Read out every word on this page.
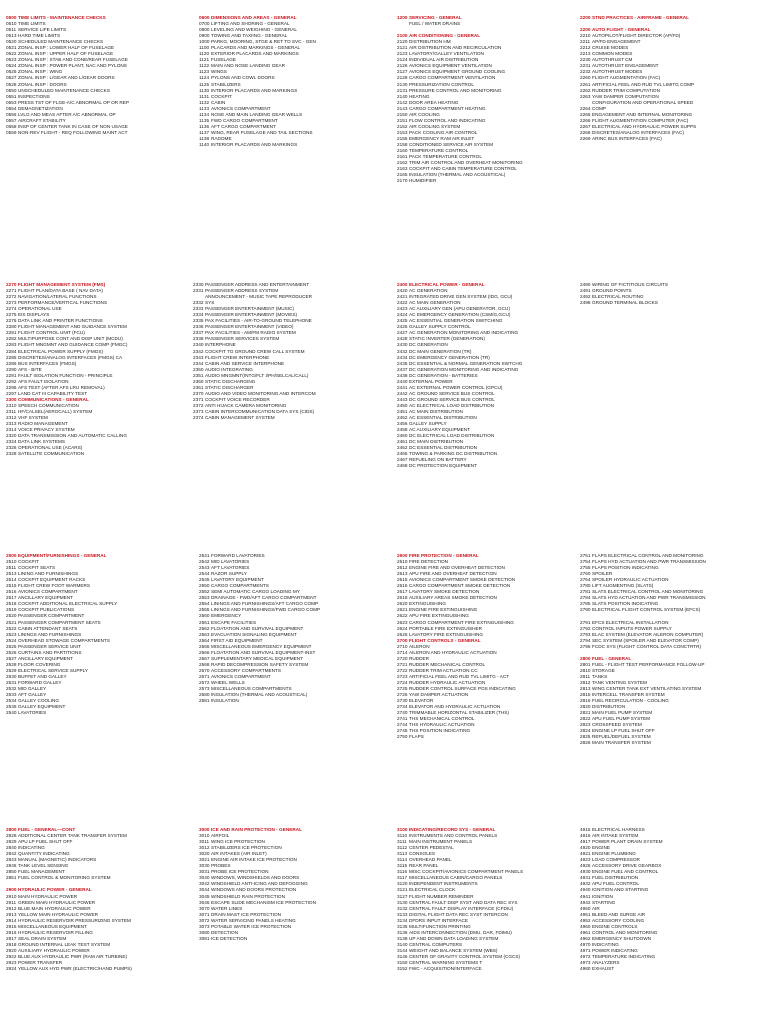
0500 TIME LIMITS - MAINTENANCE CHECKS
0510 TIME LIMITS
0511 SERVICE LIFE LIMITS
0513 HARD TIME LIMITS
0520 SCHEDULED MAINTENANCE CHECKS
0521 ZONAL INSP : LOWER HALF OF FUSELAGE
0522 ZONAL INSP : UPPER HALF OF FUSELAGE
0523 ZONAL INSP : STAB AND CONE/REAR FUSELAGE
0524 ZONAL INSP : POWER PLANT, NAC AND PYLONS
0525 ZONAL INSP : WING
0527 ZONAL INSP : L/GEAR AND L/GEAR DOORS
0528 ZONAL INSP : DOORS
0550 UNSCHEDULED MAINTENANCE CHECKS
0551 INSPECTIONS
0553 PRESS TST OF FLGE-A/C ABNORMAL OP OR REP
0554 DEMAGNETIZATION
0556 LVLG AND MEAS AFTER A/C ABNORMAL OP
0557 AIRCRAFT STABILITY
0558 INSP OF CENTER TANK IN CASE OF NON USAGE
0559 NON-REV FLIGHT - REQ FOLLOWING MAINT ACT
0600 DIMENSIONS AND AREAS - GENERAL
0700 LIFTING AND SHORING - GENERAL
0800 LEVELING AND WEIGHING - GENERAL
0900 TOWING AND TAXIING - GENERAL
1000 PARKG, MOORING, STGE & RET TO SVC - GEN
1100 PLACARDS AND MARKINGS - GENERAL
1120 EXTERIOR PLACARDS AND MARKINGS
1121 FUSELAGE
1122 MAIN AND NOSE LANDING GEAR
1123 WINGS
1124 PYLONS AND COWL DOORS
1125 STABILIZERS
1130 INTERIOR PLACARDS AND MARKINGS
1131 COCKPIT
1132 CABIN
1133 AVIONICS COMPARTMENT
1134 NOSE AND MAIN LANDING GEAR WELLS
1135 FWD CARGO COMPARTMENT
1136 AFT CARGO COMPARTMENT
1137 WING, REAR FUSELAGE AND TAIL SECTIONS
1138 RADOME
1140 INTERIOR PLACARDS AND MARKINGS
1200 SERVICING - GENERAL
FUEL / WATER DRAINS

2100 AIR CONDITIONING - GENERAL
2120 DISTRIBUTION HM
2121 AIR DISTRIBUTION AND RECIRCULATION
2123 LAVATORY/GALLEY VENTILATION
2124 INDIVIDUAL AIR DISTRIBUTION
2126 AVIONICS EQUIPMENT VENTILATION
2127 AVIONICS EQUIPMENT GROUND COOLING
2128 CARGO COMPARTMENT VENTILATION
2130 PRESSURIZATION CONTROL
2131 PRESSURE CONTROL AND MONITORING
2140 HEATING
2142 DOOR AREA HEATING
2143 CARGO COMPARTMENT HEATING
2150 AIR COOLING
2151 FLOW CONTROL AND INDICATING
2152 AIR COOLING SYSTEM
2153 PACK COOLING AIR CONTROL
2155 EMERGENCY RAM AIR INLET
2158 CONDITIONED SERVICE AIR SYSTEM
2160 TEMPERATURE CONTROL
2161 PACK TEMPERATURE CONTROL
2162 TRIM AIR CONTROL AND OVERHEAT MONITORING
2163 COCKPIT AND CABIN TEMPERATURE CONTROL
2165 INSULATION (THERMAL AND ACOUSTICAL)
2170 HUMIDIFIER
2200 STND PRACTICES - AIRFRAME - GENERAL

2200 AUTO FLIGHT - GENERAL
2210 AUTOPILOT/FLIGHT DIRECTOR (AP/FD)
2211 AP/FD ENGAGEMENT
2212 CRUISE MODES
2213 COMMON MODES
2230 AUTOTHRUST CM
2231 AUTOTHRUST ENGAGEMENT
2232 AUTOTHRUST MODES
2260 FLIGHT AUGMENTATION (FAC)
2261 ARTIFICIAL FEEL AND RUD TVL LIMITG COMP
2262 RUDDER TRIM COMPUTATION
2263 YAW DAMPER COMPUTATION
CONFIGURATION AND OPERATIONAL SPEED
2264 COMP
2265 ENGAGEMENT AND INTERNAL MONITORING
2266 FLIGHT AUGMENTATION COMPUTER (FAC)
2267 ELECTRICAL AND HYDRAULIC POWER SUPPS
2268 DISCRETES/ANALOG INTERFACES (FAC)
2269 ARINC BUS INTERFACES (FAC)
2270 FLIGHT MANAGEMENT SYSTEM (FMS)
2271 FLIGHT PLAN/DATA BASE ( NAV DATA)
2272 NAVIGATION/LATERAL FUNCTIONS
2273 PERFORMANCE/VERTICAL FUNCTIONS
2274 OPERATIONAL USE
2275 EIS DISPLAYS
2276 DATA LINK AND PRINTER FUNCTIONS
2280 FLIGHT MANAGEMENT AND GUIDANCE SYSTEM
2281 FLIGHT CONTROL UNIT (FCU)
2282 MULTIPURPOSE CONT AND DISP UNIT (MCDU)
2283 FLIGHT MNGMNT AND GUIDANCE COMP (FMGC)
2284 ELECTRICAL POWER SUPPLY (FMGS)
2285 DISCRETES/ANALOG INTERFACES (FMGS) CA
2286 BUS INTERFACES (FMGS)
2290 AFS - BITE
2291 FAULT ISOLATION FUNCTION - PRINCIPLE
2292 AFS FAULT ISOLATION
2295 AFS TEST (AFTER AFS LRU REMOVAL)
2297 LAND CAT III CAPABILITY TEST
2300 COMMUNICATIONS - GENERAL
2310 SPEECH COMMUNICATION
2311 HF/CALSEL(AEROCALL) SYSTEM
2312 VHF SYSTEM
2313 RADIO MANAGEMENT
2314 VOICE PRIVACY SYSTEM
2320 DATA TRANSMISSION AND AUTOMATIC CALLING
2324 DATA LINK SYSTEMS
2326 OPERATIONAL USE (ACARS)
2328 SATELLITE COMMUNICATION
2330 PASSENGER ADDRESS AND ENTERTAINMENT
2331 PASSENGER ADDRESS SYSTEM
ANNOUNCEMENT - MUSIC TAPE REPRODUCER
2332 SYS
2333 PASSENGER ENTERTAINMENT (MUSIC)
2334 PASSENGER ENTERTAINMENT (MOVIES)
2335 PAX FACILITIES - AIR-TO-GROUND TELEPHONE
2336 PASSENGER ENTERTAINMENT (VIDEO)
2337 PAX FACILITIES - AM/FM RADIO SYSTEM
2338 PASSENGER SERVICES SYSTEM
2340 INTERPHONE
2342 COCKPIT TO GROUND CREW CALL SYSTEM
2343 FLIGHT CREW INTERPHONE
2344 CABIN AND SERVICE INTERPHONE
2350 AUDIO INTEGRATING
2351 AUDIO MNGMNT(INTG/FLT I/PH/SELCAL/CALL)
2360 STATIC DISCHARGING
2361 STATIC DISCHARGER
2370 AUDIO AND VIDEO MONITORING AND INTERCOM
2371 COCKPIT VOICE RECORDER
2372 ANTI HIJACK CAMERA MONITORING
2373 CABIN INTERCOMMUNICATION DATA SYS (CIDS)
2374 CABIN MANAGEMENT SYSTEM
2400 ELECTRICAL POWER - GENERAL
2420 AC GENERATION
2421 INTEGRATED DRIVE GEN SYSTEM (IDG, GCU)
2422 AC MAIN GENERATION
2423 AC AUXILIARY GEN (APU GENERATOR, GCU)
2424 AC EMERGENCY GENERATION (CSM/G,GCU)
2425 AC ESSENTIAL GENERATION SWITCHING
2426 GALLEY SUPPLY CONTROL
2427 AC GENERATION MONITORING AND INDICATING
2428 STATIC INVERTER (GENERATION)
2430 DC GENERATION
2432 DC MAIN GENERATION (TR)
2434 DC EMERGENCY GENERATION (TR)
2435 DC ESSENTIAL & NORMAL GENERATION SWTCHG
2437 DC GENERATION MONITORING AND INDICATING
2438 DC GENERATION - BATTERIES
2440 EXTERNAL POWER
2441 AC EXTERNAL POWER CONTROL (GPCU)
2442 AC GROUND SERVICE BUS CONTROL
2443 DC GROUND SERVICE BUS CONTROL
2450 AC ELECTRICAL LOAD DISTRIBUTION
2451 AC MAIN DISTRIBUTION
2452 AC ESSENTIAL DISTRIBUTION
2456 GALLEY SUPPLY
2458 AC AUXILIARY EQUIPMENT
2460 DC ELECTRICAL LOAD DISTRIBUTION
2461 DC MAIN DISTRIBUTION
2462 DC ESSENTIAL DISTRIBUTION
2465 TOWING & PARKING DC DISTRIBUTION
2467 REFUELING ON BATTERY
2468 DC PROTECTION EQUIPMENT
2490 WIRING OF FICTITIOUS CIRCUITS
2491 GROUND POINTS
2492 ELECTRICAL ROUTING
2498 GROUND TERMINAL BLOCKS
2500 EQUIPMENT/FURNISHINGS - GENERAL
2510 COCKPIT
2511 COCKPIT SEATS
2513 LINING AND FURNISHINGS
2514 COCKPIT EQUIPMENT RACKS
2515 FLIGHT CREW FOOT WARMERS
2516 AVIONICS COMPARTMENT
2517 ANCILLARY EQUIPMENT
2518 COCKPIT ADDITIONAL ELECTRICAL SUPPLY
2519 COCKPIT PUBLICATIONS
2520 PASSENGER COMPARTMENT
2521 PASSENGER COMPARTMENT SEATS
2522 CABIN ATTENDANT SEATS
2523 LININGS AND FURNISHINGS
2524 OVERHEAD STOWAGE COMPARTMENTS
2525 PASSENGER SERVICE UNIT
2526 CURTAINS AND PARTITIONS
2527 ANCILLARY EQUIPMENT
2528 FLOOR COVERING
2529 ELECTRICAL SERVICE SUPPLY
2530 BUFFET AND GALLEY
2531 FORWARD GALLEY
2532 MID GALLEY
2533 AFT GALLEY
2534 GALLEY COOLING
2535 GALLEY EQUIPMENT
2540 LAVATORIES
2541 FORWARD LAVATORIES
2542 MID LAVATORIES
2543 AFT LAVATORIES
2544 RAZOR SUPPLY
2545 LAVATORY EQUIPMENT
2550 CARGO COMPARTMENTS
2552 SEMI AUTOMATIC CARGO LOADING MY
2553 DRAINAGE - FWD/AFT CARGO COMPARTMENT
2554 LININGS AND FURNISHINGS/AFT CARGO COMP
2555 LININGS AND FURNISHINGS/FWD CARGO COMP
2560 EMERGENCY
2561 ESCAPE FACILITIES
2562 FLOATATION AND SURVIVAL EQUIPMENT
2563 EVACUATION SIGNALING EQUIPMENT
2564 FIRST AID EQUIPMENT
2565 MISCELLANEOUS EMERGENCY EQUIPMENT
2566 FLOATATION AND SURVIVAL EQUIPMENT-INST
2567 SUPPLEMENTARY MEDICAL EQUIPMENT
2568 RAPID DECOMPRESSION SAFETY SYSTEM
2570 ACCESSORY COMPARTMENTS
2571 AVIONICS COMPARTMENT
2572 WHEEL WELLS
2573 MISCELLANEOUS COMPARTMENTS
2580 INSULATION (THERMAL AND ACOUSTICAL)
2581 INSULATION
2600 FIRE PROTECTION - GENERAL
2610 FIRE DETECTION
2612 ENGINE FIRE AND OVERHEAT DETECTION
2613 APU FIRE AND OVERHEAT DETECTION
2615 AVIONICS COMPARTMENT SMOKE DETECTION
2616 CARGO COMPARTMENT SMOKE DETECTION
2617 LAVATORY SMOKE DETECTION
2618 AUXILIARY AREAS SMOKE DETECTION
2620 EXTINGUISHING
2621 ENGINE FIRE EXTINGUISHING
2622 APU FIRE EXTINGUISHING
2623 CARGO COMPARTMENT FIRE EXTINGUISHING
2624 PORTABLE FIRE EXTINGUISHER
2625 LAVATORY FIRE EXTINGUISHING
2700 FLIGHT CONTROLS - GENERAL
2710 AILERON
2714 AILERON AND HYDRAULIC ACTUATION
2720 RUDDER
2721 RUDDER MECHANICAL CONTROL
2722 RUDDER TRIM ACTUATION CC
2723 ARTIFICIAL FEEL AND RUD TVL LIMITG - ACT
2724 RUDDER HYDRAULIC ACTUATION
2725 RUDDER CONTROL SURFACE POS INDICATING
2726 YAW DAMPER ACTUATION
2730 ELEVATOR
2734 ELEVATOR AND HYDRAULIC ACTUATION
2740 TRIMMABLE HORIZONTAL STABILIZER (THS)
2741 THS MECHANICAL CONTROL
2744 THS HYDRAULIC ACTUATION
2745 THS POSITION INDICATING
2750 FLAPS
2751 FLAPS ELECTRICAL CONTROL AND MONITORING
2754 FLAPS HYD ACTUATION AND PWR TRANSMISSION
2755 FLAPS POSITION INDICATING
2760 SPOILER
2764 SPOILER HYDRAULIC ACTUATION
2780 LIFT AUGMENTING (SLATS)
2781 SLATS ELECTRICAL CONTROL AND MONITORING
2784 SLATS HYD ACTUATION AND PWR TRANSMISSION
2785 SLATS POSITION INDICATING
2790 ELECTRICAL FLIGHT CONTROL SYSTEM (EFCS)

2791 EFCS ELECTRICAL INSTALLATION
2792 CONTROL INPUTS POWER SUPPLY
2793 ELAC SYSTEM (ELEVATOR AILERON COMPUTER)
2794 SEC SYSTEM (SPOILER AND ELEVATOR COMP)
2795 FCDC SYS (FLIGHT CONTROL DATA CONCTRTR)

2800 FUEL - GENERAL
2801 FUEL - FLIGHT TEST PERFORMANCE FOLLOW-UP
2810 STORAGE
2811 TANKS
2812 TANK VENTING SYSTEM
2813 WING CENTER TANK EXT VENTILATING SYSTEM
2815 INTERCELL TRANSFER SYSTEM
2816 FUEL RECIRCULATION - COOLING
2820 DISTRIBUTION
2821 MAIN FUEL PUMP SYSTEM
2822 APU FUEL PUMP SYSTEM
2823 CROSSFEED SYSTEM
2824 ENGINE LP FUEL SHUT OFF
2825 REFUEL/DEFUEL SYSTEM
2826 MAIN TRANSFER SYSTEM
2800 FUEL - GENERAL—CONT
2828 ADDITIONAL CENTER TANK TRANSFER SYSTEM
2829 APU LP FUEL SHUT OFF
2840 INDICATING
2842 QUANTITY INDICATING
2843 MANUAL (MAGNETIC) INDICATORS
2846 TANK LEVEL SENSING
2850 FUEL MANAGEMENT
2851 FUEL CONTROL & MONITORING SYSTEM

2900 HYDRAULIC POWER - GENERAL
2910 MAIN HYDRAULIC POWER
2911 GREEN MAIN HYDRAULIC POWER
2912 BLUE MAIN HYDRAULIC POWER
2913 YELLOW MAIN HYDRAULIC POWER
2914 HYDRAULIC RESERVOIR PRESSURIZING SYSTEM
2915 MISCELLANEOUS EQUIPMENT
2916 HYDRAULIC RESERVOIR FILLING
2917 SEAL DRAIN SYSTEM
2918 GROUND INTERNAL LEAK TEST SYSTEM
2920 AUXILIARY HYDRAULIC POWER
2922 BLUE AUX HYDRAULIC PWR (RAM AIR TURBINE)
2923 POWER TRANSFER
2924 YELLOW AUX HYD PWR (ELECTRIC/HAND PUMPS)
3000 ICE AND RAIN PROTECTION - GENERAL
3010 AIRFOIL
3011 WING ICE PROTECTION
3012 STABILIZERS ICE PROTECTION
3020 AIR INTAKES (AIR INLET)
3021 ENGINE AIR INTAKE ICE PROTECTION
3030 PROBES
3031 PROBE ICE PROTECTION
3040 WINDOWS, WINDSHIELDS AND DOORS
3042 WINDSHIELD ANTI-ICING AND DEFOGGING
3044 WINDOWS AND DOORS PROTECTION
3045 WINDSHIELD RAIN PROTECTION
3046 ESCAPE SLIDE MECHANISM ICE PROTECTION
3070 WATER LINES
3071 DRAIN MAST ICE PROTECTION
3072 WATER SERVICING PANELS HEATING
3073 POTABLE WATER ICE PROTECTION
3080 DETECTION
3081 ICE DETECTION
3100 INDICATING/RECORD SYS - GENERAL
3110 INSTRUMENTS AND CONTROL PANELS
3111 MAIN INSTRUMENT PANELS
3112 CENTER PEDESTAL
3113 CONSOLES
3114 OVERHEAD PANEL
3115 REAR PANEL
3116 MISC COCKPIT/AVIONICS COMPARTMENT PANELS
3117 MISCELLANEOUS CABIN/CARGO PANELS
3120 INDEPENDENT INSTRUMENTS
3121 ELECTRICAL CLOCK
3127 FLIGHT NUMBER REMINDER
3130 CENTRAL FAULT DISP SYST AND DATA REC SYS
3132 CENTRAL FAULT DISPLAY INTERFACE (CFDIU)
3133 DIGITAL FLIGHT DATA REC SYST INTERCON
3134 DFDRS INPUT INTERFACE
3135 MULTIFUNCTION PRINTING
3136 AIDS INTERCONNECTION (DMU, DAR, FDIMU)
3138 UP AND DOWN DATA LOADING SYSTEM
3140 CENTRAL COMPUTERS
3144 WEIGHT AND BALANCE SYSTEM (WBS)
3146 CENTER OF GRAVITY CONTROL SYSTEM (CGCS)
3150 CENTRAL WARNING SYSTEMS T
3152 FWC - ACQUISITION/INTERFACE
4915 ELECTRICAL HARNESS
4916 AIR INTAKE SYSTEM
4917 POWER PLANT DRAIN SYSTEM
4920 ENGINE
4921 ENGINE PLUMBING
4923 LOAD COMPRESSOR
4926 ACCESSORY DRIVE GEARBOX
4930 ENGINE FUEL AND CONTROL
4931 FUEL DISTRIBUTION
4932 APU FUEL CONTROL
4940 IGNITION AND STARTING
4941 IGNITION
4942 STARTING
4950 AIR
4951 BLEED AND SURGE AIR
4952 ACCESSORY COOLING
4960 ENGINE CONTROLS
4961 CONTROL AND MONITORING
4962 EMERGENCY SHUTDOWN
4970 INDICATING
4971 POWER INDICATING
4972 TEMPERATURE INDICATING
4973 ANALYZERS
4980 EXHAUST
